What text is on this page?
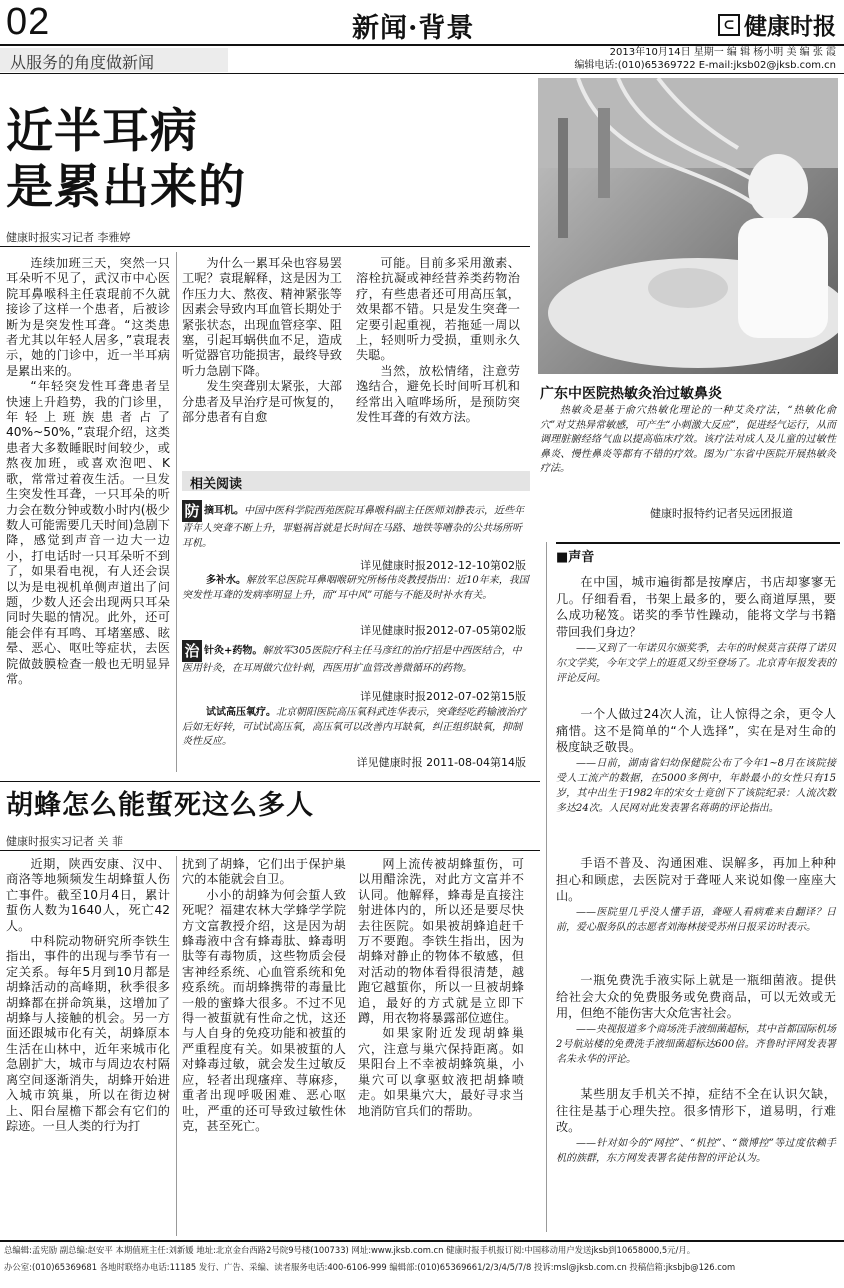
02	新闻·背景	⊂ 健康时报
从服务的角度做新闻
2013年10月14日 星期一 编 辑 杨小明 美 编 张 霞
编辑电话:(010)65369722 E-mail:jksb02@jksb.com.cn
近半耳病
是累出来的
健康时报实习记者 李雅婷

连续加班三天，突然一只耳朵听不见了，武汉市中心医院耳鼻喉科主任袁琨前不久就接诊了这样一个患者，后被诊断为是突发性耳聋。“这类患者尤其以年轻人居多，”袁琨表示，她的门诊中，近一半耳病是累出来的。

“年轻突发性耳聋患者呈快速上升趋势，我的门诊里，年轻上班族患者占了40%~50%，”袁琨介绍，这类患者大多数睡眠时间较少，或熬夜加班，或喜欢泡吧、K歌，常常过着夜生活。一旦发生突发性耳聋，一只耳朵的听力会在数分钟或数小时内(极少数人可能需要几天时间)急剧下降，感觉到声音一边大一边小，打电话时一只耳朵听不到了，如果看电视，有人还会误以为是电视机单侧声道出了问题，少数人还会出现两只耳朵同时失聪的情况。此外，还可能会伴有耳鸣、耳堵塞感、眩晕、恶心、呕吐等症状，去医院做鼓膜检查一般也无明显异常。

为什么一累耳朵也容易罢工呢？袁琨解释，这是因为工作压力大、熬夜、精神紧张等因素会导致内耳血管长期处于紧张状态，出现血管痉挛、阻塞，引起耳蜗供血不足，造成听觉器官功能损害，最终导致听力急剧下降。

发生突聋别太紧张，大部分患者及早治疗是可恢复的，部分患者有自愈

可能。目前多采用激素、溶栓抗凝或神经营养类药物治疗，有些患者还可用高压氧，效果都不错。只是发生突聋一定要引起重视，若拖延一周以上，轻则听力受损，重则永久失聪。

当然，放松情绪，注意劳逸结合，避免长时间听耳机和经常出入喧哗场所，是预防突发性耳聋的有效方法。

相关阅读
防 摘耳机。中国中医科学院西苑医院耳鼻喉科副主任医师刘静表示，近些年青年人突聋不断上升，罪魁祸首就是长时间在马路、地铁等嘈杂的公共场所听耳机。
详见健康时报2012-12-10第02版
多补水。解放军总医院耳鼻咽喉研究所杨伟炎教授指出：近10年来，我国突发性耳聋的发病率明显上升，而“耳中风”可能与不能及时补水有关。
详见健康时报2012-07-05第02版
治 针灸+药物。解放军305医院疗科主任马彦红的治疗招是中西医结合，中医用针灸，在耳周做穴位针刺，西医用扩血管改善微循环的药物。
详见健康时报2012-07-02第15版
试试高压氧疗。北京朝阳医院高压氧科武连华表示，突聋经吃药输液治疗后如无好转，可试试高压氧，高压氧可以改善内耳缺氧，纠正组织缺氧，抑制炎性反应。
详见健康时报 2011-08-04第14版
广东中医院热敏灸治过敏鼻炎
热敏灸是基于俞穴热敏化理论的一种艾灸疗法，“热敏化俞穴”对艾热异常敏感，可产生“小刺激大反应”，促进经气运行，从而调理脏腑经络气血以提高临床疗效。该疗法对成人及儿童的过敏性鼻炎、慢性鼻炎等都有不错的疗效。图为广东省中医院开展热敏灸疗法。
健康时报特约记者吴远团报道
■声音
在中国，城市遍街都是按摩店，书店却寥寥无几。仔细看看，书架上最多的，要么商道厚黑，要么成功秘笈。诺奖的季节性躁动，能将文学与书籍带回我们身边？
——又到了一年诺贝尔颁奖季，去年的时候莫言获得了诺贝尔文学奖，今年文学上的逛觅又纷至登场了。北京青年报发表的评论反问。
一个人做过24次人流，让人惊得之余，更令人痛惜。这不是简单的“个人选择”，实在是对生命的极度缺乏敬畏。
——日前，湖南省妇幼保健院公布了今年1~8月在该院接受人工流产的数据，在5000多例中，年龄最小的女性只有15岁，其中出生于1982年的宋女士竟创下了该院纪录：人流次数多达24次。人民网对此发表署名蒋萌的评论指出。
手语不普及、沟通困难、误解多，再加上种种担心和顾虑，去医院对于聋哑人来说如像一座座大山。
——医院里几乎没人懂手语，聋哑人看病难来自翻译？日前，爱心服务队的志愿者刘海林接受苏州日报采访时表示。
一瓶免费洗手液实际上就是一瓶细菌液。提供给社会大众的免费服务或免费商品，可以无效或无用，但绝不能伤害大众危害社会。
——央视报道多个商场洗手液细菌超标，其中首都国际机场2号航站楼的免费洗手液细菌超标达600倍。齐鲁时评网发表署名朱永华的评论。
某些朋友手机关不掉，症结不全在认识欠缺，往往是基于心理失控。很多情形下，道易明，行难改。
——针对如今的“网控”、“机控”、“微博控”等过度依赖手机的族群，东方网发表署名徒伟智的评论认为。
胡蜂怎么能蜇死这么多人
健康时报实习记者 关 菲

近期，陕西安康、汉中、商洛等地频频发生胡蜂蜇人伤亡事件。截至10月4日，累计蜇伤人数为1640人，死亡42人。

中科院动物研究所李铁生指出，事件的出现与季节有一定关系。每年5月到10月都是胡蜂活动的高峰期，秋季很多胡蜂都在拼命筑巢，这增加了胡蜂与人接触的机会。另一方面还跟城市化有关，胡蜂原本生活在山林中，近年来城市化急剧扩大，城市与周边农村隔离空间逐渐消失，胡蜂开始进入城市筑巢，所以在街边树上、阳台屋檐下都会有它们的踪迹。一旦人类的行为打

扰到了胡蜂，它们出于保护巢穴的本能就会自卫。

小小的胡蜂为何会蜇人致死呢？福建农林大学蜂学学院方文富教授介绍，这是因为胡蜂毒液中含有蜂毒肽、蜂毒明肽等有毒物质，这些物质会侵害神经系统、心血管系统和免疫系统。而胡蜂携带的毒量比一般的蜜蜂大很多。不过不见得一被蜇就有性命之忧，这还与人自身的免疫功能和被蜇的严重程度有关。如果被蜇的人对蜂毒过敏，就会发生过敏反应，轻者出现瘙痒、荨麻疹，重者出现呼吸困难、恶心呕吐，严重的还可导致过敏性休克，甚至死亡。

网上流传被胡蜂蜇伤，可以用醋涂洗，对此方文富并不认同。他解释，蜂毒是直接注射进体内的，所以还是要尽快去往医院。如果被胡蜂追赶千万不要跑。李铁生指出，因为胡蜂对静止的物体不敏感，但对活动的物体看得很清楚，越跑它越蜇你，所以一旦被胡蜂追，最好的方式就是立即下蹲，用衣物将暴露部位遮住。

如果家附近发现胡蜂巢穴，注意与巢穴保持距离。如果阳台上不幸被胡蜂筑巢，小巢穴可以拿驱蚊液把胡蜂喷走。如果巢穴大，最好寻求当地消防官兵们的帮助。

总编辑:孟宪励 副总编:赵安平 本期值班主任:刘新媛 地址:北京金台西路2号院9号楼(100733) 网址:www.jksb.com.cn 健康时报手机报订阅:中国移动用户发送jksb到10658000,5元/月。
办公室:(010)65369681 各地时联络办电话:11185 发行、广告、采编、读者服务电话:400-6106-999 编辑部:(010)65369661/2/3/4/5/7/8 投诉:msl@jksb.com.cn 投稿信箱:jksbjb@126.com
